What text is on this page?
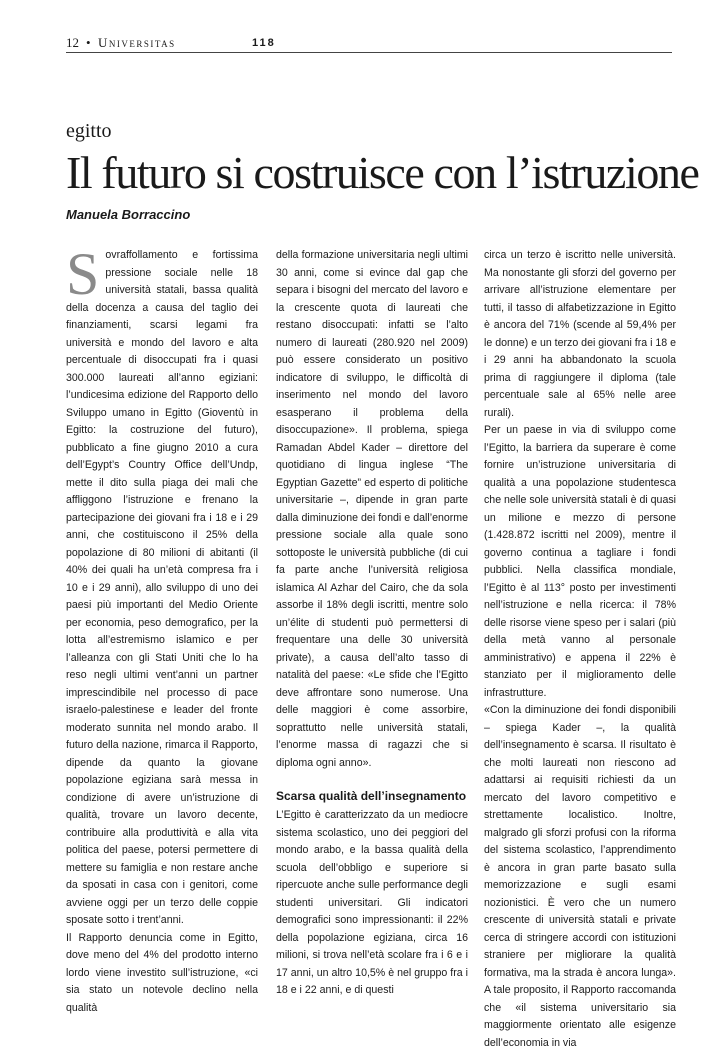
12 • Universitas	118
egitto
Il futuro si costruisce con l’istruzione
Manuela Borraccino

Sovraffollamento e fortissima pressione sociale nelle 18 università statali, bassa qualità della docenza a causa del taglio dei finanziamenti, scarsi legami fra università e mondo del lavoro e alta percentuale di disoccupati fra i quasi 300.000 laureati all’anno egiziani: l’undicesima edizione del Rapporto dello Sviluppo umano in Egitto (Gioventù in Egitto: la costruzione del futuro), pubblicato a fine giugno 2010 a cura dell’Egypt’s Country Office dell’Undp, mette il dito sulla piaga dei mali che affliggono l’istruzione e frenano la partecipazione dei giovani fra i 18 e i 29 anni, che costituiscono il 25% della popolazione di 80 milioni di abitanti (il 40% dei quali ha un’età compresa fra i 10 e i 29 anni), allo sviluppo di uno dei paesi più importanti del Medio Oriente per economia, peso demografico, per la lotta all’estremismo islamico e per l’alleanza con gli Stati Uniti che lo ha reso negli ultimi vent’anni un partner imprescindibile nel processo di pace israelo-palestinese e leader del fronte moderato sunnita nel mondo arabo. Il futuro della nazione, rimarca il Rapporto, dipende da quanto la giovane popolazione egiziana sarà messa in condizione di avere un’istruzione di qualità, trovare un lavoro decente, contribuire alla produttività e alla vita politica del paese, potersi permettere di mettere su famiglia e non restare anche da sposati in casa con i genitori, come avviene oggi per un terzo delle coppie sposate sotto i trent’anni.

Il Rapporto denuncia come in Egitto, dove meno del 4% del prodotto interno lordo viene investito sull’istruzione, «ci sia stato un notevole declino nella qualità

della formazione universitaria negli ultimi 30 anni, come si evince dal gap che separa i bisogni del mercato del lavoro e la crescente quota di laureati che restano disoccupati: infatti se l’alto numero di laureati (280.920 nel 2009) può essere considerato un positivo indicatore di sviluppo, le difficoltà di inserimento nel mondo del lavoro esasperano il problema della disoccupazione». Il problema, spiega Ramadan Abdel Kader – direttore del quotidiano di lingua inglese “The Egyptian Gazette” ed esperto di politiche universitarie –, dipende in gran parte dalla diminuzione dei fondi e dall’enorme pressione sociale alla quale sono sottoposte le università pubbliche (di cui fa parte anche l’università religiosa islamica Al Azhar del Cairo, che da sola assorbe il 18% degli iscritti, mentre solo un’élite di studenti può permettersi di frequentare una delle 30 università private), a causa dell’alto tasso di natalità del paese: «Le sfide che l’Egitto deve affrontare sono numerose. Una delle maggiori è come assorbire, soprattutto nelle università statali, l’enorme massa di ragazzi che si diploma ogni anno».

Scarsa qualità dell’insegnamento

L’Egitto è caratterizzato da un mediocre sistema scolastico, uno dei peggiori del mondo arabo, e la bassa qualità della scuola dell’obbligo e superiore si ripercuote anche sulle performance degli studenti universitari. Gli indicatori demografici sono impressionanti: il 22% della popolazione egiziana, circa 16 milioni, si trova nell’età scolare fra i 6 e i 17 anni, un altro 10,5% è nel gruppo fra i 18 e i 22 anni, e di questi

circa un terzo è iscritto nelle università. Ma nonostante gli sforzi del governo per arrivare all’istruzione elementare per tutti, il tasso di alfabetizzazione in Egitto è ancora del 71% (scende al 59,4% per le donne) e un terzo dei giovani fra i 18 e i 29 anni ha abbandonato la scuola prima di raggiungere il diploma (tale percentuale sale al 65% nelle aree rurali).

Per un paese in via di sviluppo come l’Egitto, la barriera da superare è come fornire un’istruzione universitaria di qualità a una popolazione studentesca che nelle sole università statali è di quasi un milione e mezzo di persone (1.428.872 iscritti nel 2009), mentre il governo continua a tagliare i fondi pubblici. Nella classifica mondiale, l’Egitto è al 113° posto per investimenti nell’istruzione e nella ricerca: il 78% delle risorse viene speso per i salari (più della metà vanno al personale amministrativo) e appena il 22% è stanziato per il miglioramento delle infrastrutture.

«Con la diminuzione dei fondi disponibili – spiega Kader –, la qualità dell’insegnamento è scarsa. Il risultato è che molti laureati non riescono ad adattarsi ai requisiti richiesti da un mercato del lavoro competitivo e strettamente localistico. Inoltre, malgrado gli sforzi profusi con la riforma del sistema scolastico, l’apprendimento è ancora in gran parte basato sulla memorizzazione e sugli esami nozionistici. È vero che un numero crescente di università statali e private cerca di stringere accordi con istituzioni straniere per migliorare la qualità formativa, ma la strada è ancora lunga». A tale proposito, il Rapporto raccomanda che «il sistema universitario sia maggiormente orientato alle esigenze dell’economia in via
